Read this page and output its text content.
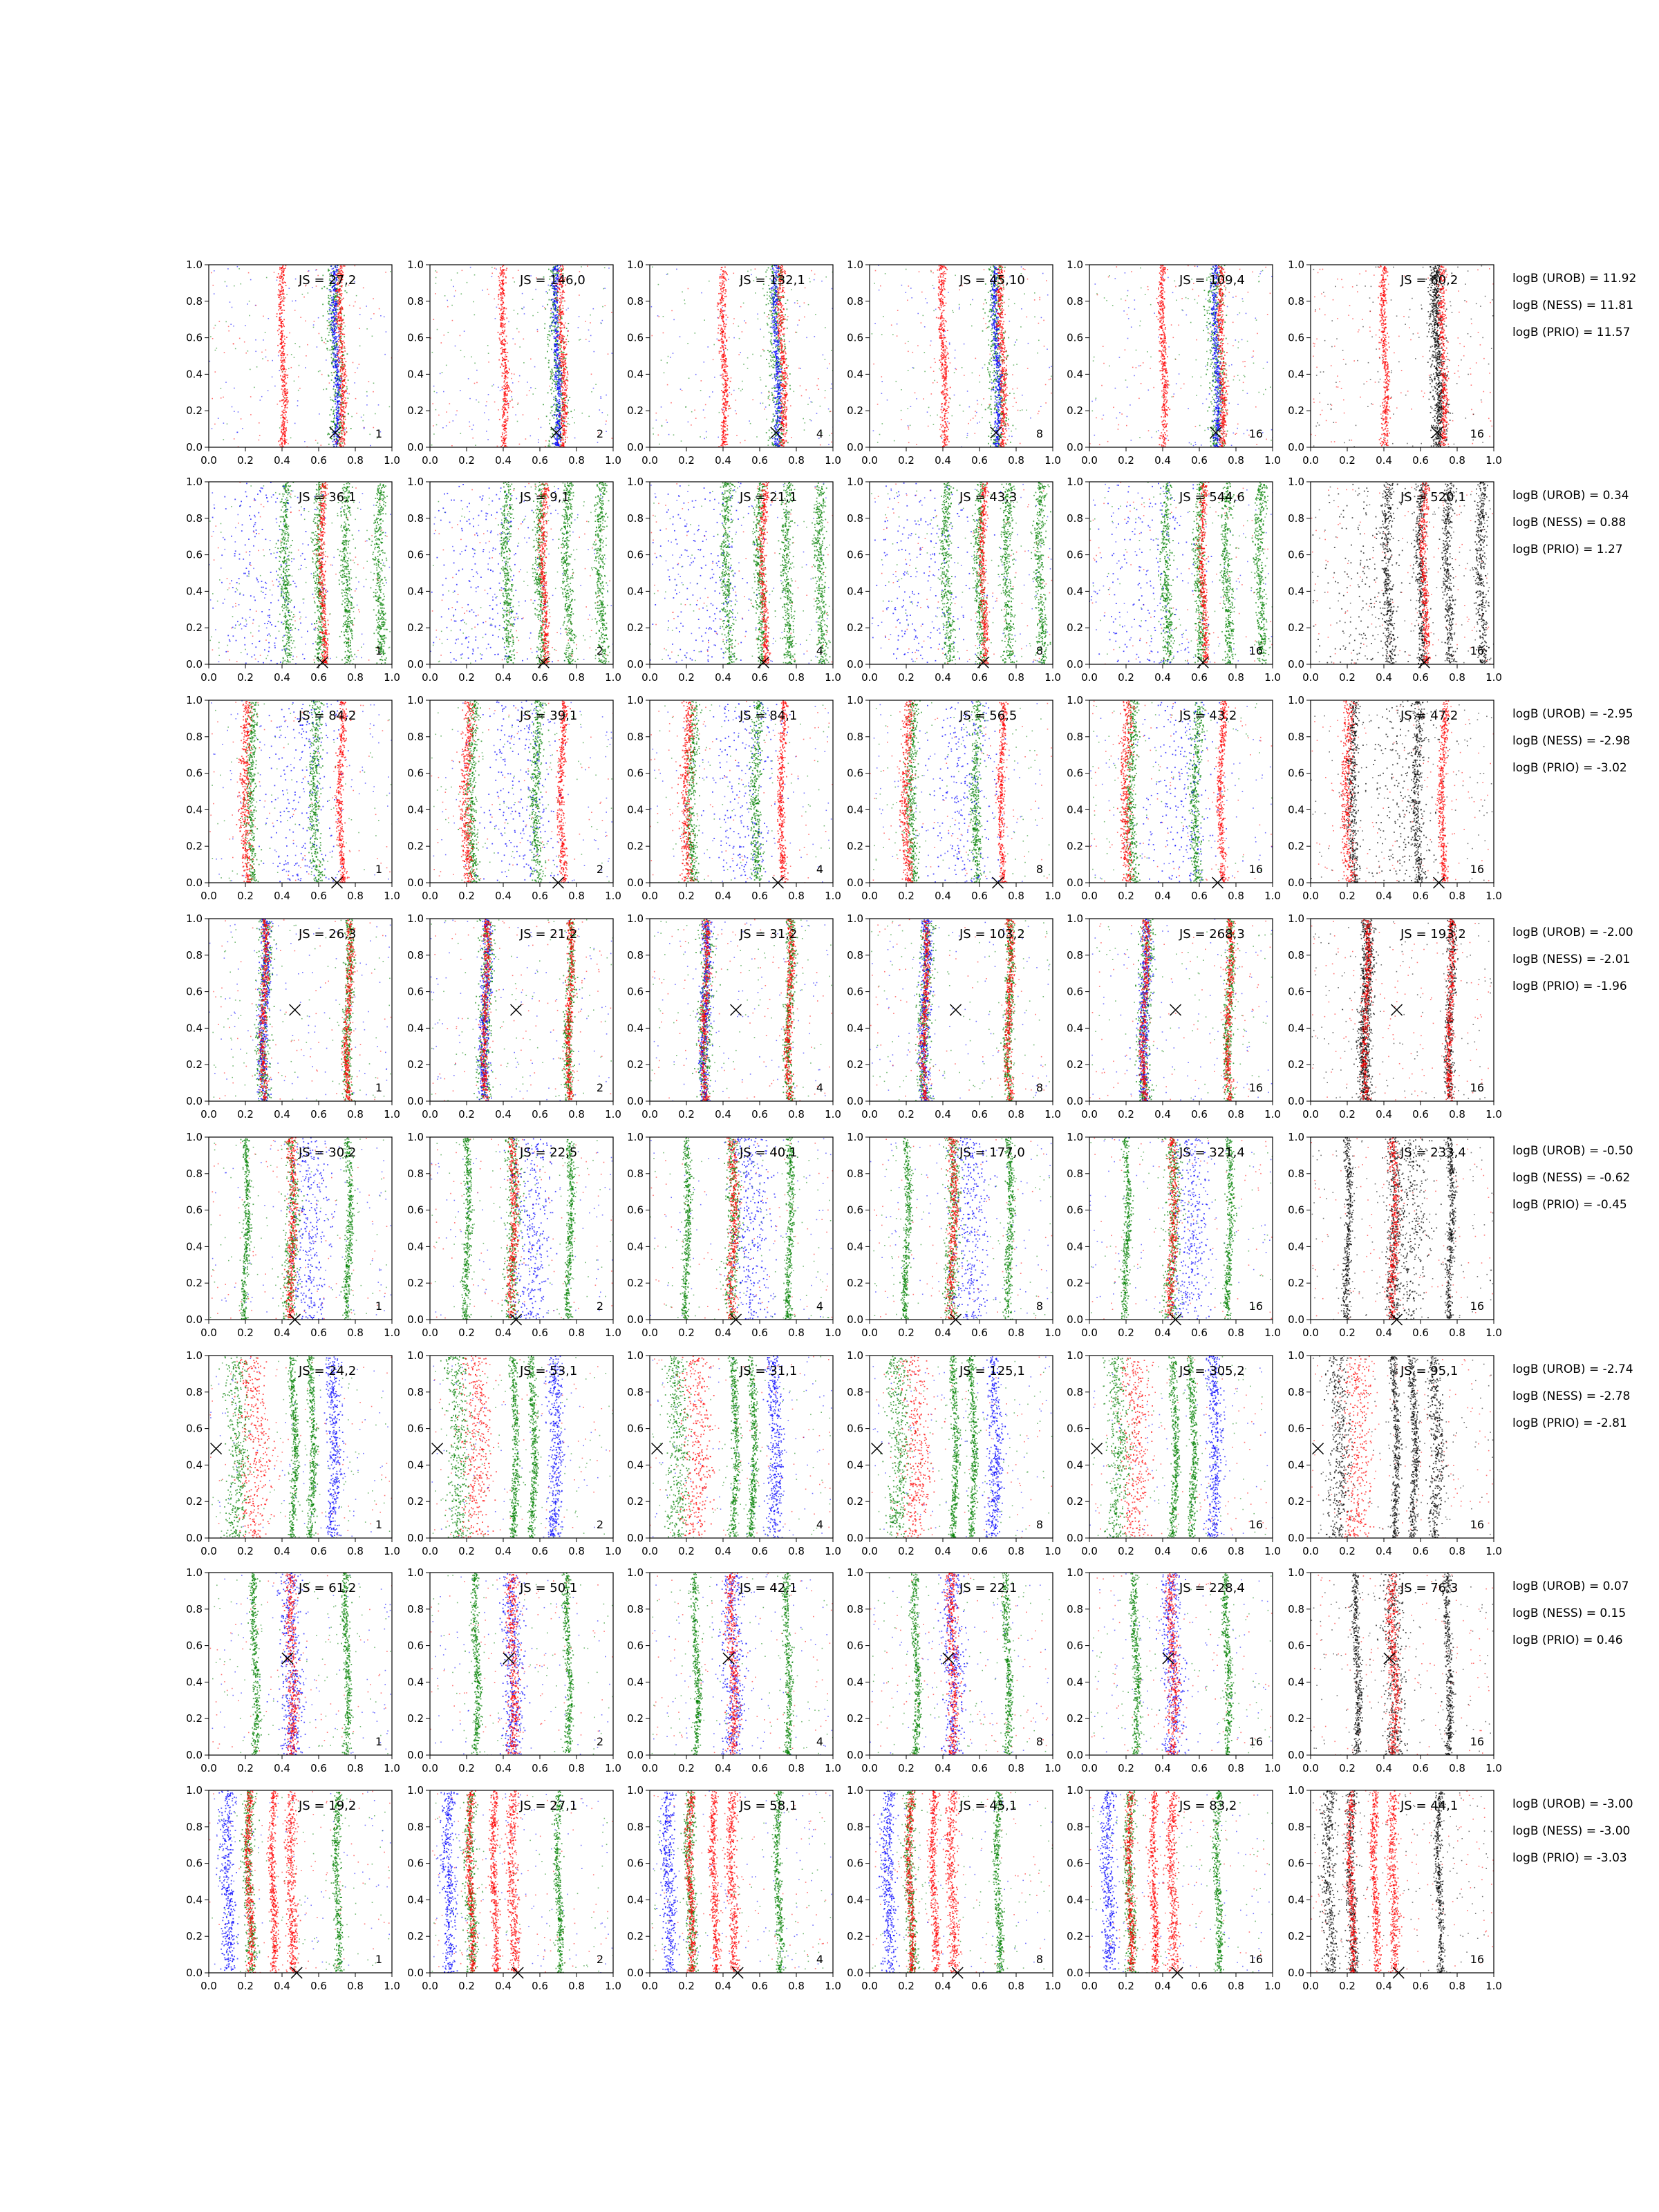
0.0
0.0
0.2
0.2
0.4
0.4
0.6
0.6
0.8
0.8
1.0
1.0
JS = 27,2
1
0.0
0.0
0.2
0.2
0.4
0.4
0.6
0.6
0.8
0.8
1.0
1.0
JS = 146,0
2
0.0
0.0
0.2
0.2
0.4
0.4
0.6
0.6
0.8
0.8
1.0
1.0
JS = 132,1
4
0.0
0.0
0.2
0.2
0.4
0.4
0.6
0.6
0.8
0.8
1.0
1.0
JS = 45,10
8
0.0
0.0
0.2
0.2
0.4
0.4
0.6
0.6
0.8
0.8
1.0
1.0
JS = 109,4
16
0.0
0.0
0.2
0.2
0.4
0.4
0.6
0.6
0.8
0.8
1.0
1.0
JS = 60,2
16
logB (UROB) = 11.92
logB (NESS) = 11.81
logB (PRIO) = 11.57
0.0
0.0
0.2
0.2
0.4
0.4
0.6
0.6
0.8
0.8
1.0
1.0
JS = 36,1
1
0.0
0.0
0.2
0.2
0.4
0.4
0.6
0.6
0.8
0.8
1.0
1.0
JS = 9,1
2
0.0
0.0
0.2
0.2
0.4
0.4
0.6
0.6
0.8
0.8
1.0
1.0
JS = 21,1
4
0.0
0.0
0.2
0.2
0.4
0.4
0.6
0.6
0.8
0.8
1.0
1.0
JS = 43,3
8
0.0
0.0
0.2
0.2
0.4
0.4
0.6
0.6
0.8
0.8
1.0
1.0
JS = 544,6
16
0.0
0.0
0.2
0.2
0.4
0.4
0.6
0.6
0.8
0.8
1.0
1.0
JS = 520,1
16
logB (UROB) = 0.34
logB (NESS) = 0.88
logB (PRIO) = 1.27
0.0
0.0
0.2
0.2
0.4
0.4
0.6
0.6
0.8
0.8
1.0
1.0
JS = 84,2
1
0.0
0.0
0.2
0.2
0.4
0.4
0.6
0.6
0.8
0.8
1.0
1.0
JS = 39,1
2
0.0
0.0
0.2
0.2
0.4
0.4
0.6
0.6
0.8
0.8
1.0
1.0
JS = 84,1
4
0.0
0.0
0.2
0.2
0.4
0.4
0.6
0.6
0.8
0.8
1.0
1.0
JS = 56,5
8
0.0
0.0
0.2
0.2
0.4
0.4
0.6
0.6
0.8
0.8
1.0
1.0
JS = 43,2
16
0.0
0.0
0.2
0.2
0.4
0.4
0.6
0.6
0.8
0.8
1.0
1.0
JS = 47,2
16
logB (UROB) = -2.95
logB (NESS) = -2.98
logB (PRIO) = -3.02
0.0
0.0
0.2
0.2
0.4
0.4
0.6
0.6
0.8
0.8
1.0
1.0
JS = 26,3
1
0.0
0.0
0.2
0.2
0.4
0.4
0.6
0.6
0.8
0.8
1.0
1.0
JS = 21,2
2
0.0
0.0
0.2
0.2
0.4
0.4
0.6
0.6
0.8
0.8
1.0
1.0
JS = 31,2
4
0.0
0.0
0.2
0.2
0.4
0.4
0.6
0.6
0.8
0.8
1.0
1.0
JS = 103,2
8
0.0
0.0
0.2
0.2
0.4
0.4
0.6
0.6
0.8
0.8
1.0
1.0
JS = 268,3
16
0.0
0.0
0.2
0.2
0.4
0.4
0.6
0.6
0.8
0.8
1.0
1.0
JS = 193,2
16
logB (UROB) = -2.00
logB (NESS) = -2.01
logB (PRIO) = -1.96
0.0
0.0
0.2
0.2
0.4
0.4
0.6
0.6
0.8
0.8
1.0
1.0
JS = 30,2
1
0.0
0.0
0.2
0.2
0.4
0.4
0.6
0.6
0.8
0.8
1.0
1.0
JS = 22,5
2
0.0
0.0
0.2
0.2
0.4
0.4
0.6
0.6
0.8
0.8
1.0
1.0
JS = 40,1
4
0.0
0.0
0.2
0.2
0.4
0.4
0.6
0.6
0.8
0.8
1.0
1.0
JS = 177,0
8
0.0
0.0
0.2
0.2
0.4
0.4
0.6
0.6
0.8
0.8
1.0
1.0
JS = 321,4
16
0.0
0.0
0.2
0.2
0.4
0.4
0.6
0.6
0.8
0.8
1.0
1.0
JS = 233,4
16
logB (UROB) = -0.50
logB (NESS) = -0.62
logB (PRIO) = -0.45
0.0
0.0
0.2
0.2
0.4
0.4
0.6
0.6
0.8
0.8
1.0
1.0
JS = 24,2
1
0.0
0.0
0.2
0.2
0.4
0.4
0.6
0.6
0.8
0.8
1.0
1.0
JS = 53,1
2
0.0
0.0
0.2
0.2
0.4
0.4
0.6
0.6
0.8
0.8
1.0
1.0
JS = 31,1
4
0.0
0.0
0.2
0.2
0.4
0.4
0.6
0.6
0.8
0.8
1.0
1.0
JS = 125,1
8
0.0
0.0
0.2
0.2
0.4
0.4
0.6
0.6
0.8
0.8
1.0
1.0
JS = 305,2
16
0.0
0.0
0.2
0.2
0.4
0.4
0.6
0.6
0.8
0.8
1.0
1.0
JS = 95,1
16
logB (UROB) = -2.74
logB (NESS) = -2.78
logB (PRIO) = -2.81
0.0
0.0
0.2
0.2
0.4
0.4
0.6
0.6
0.8
0.8
1.0
1.0
JS = 61,2
1
0.0
0.0
0.2
0.2
0.4
0.4
0.6
0.6
0.8
0.8
1.0
1.0
JS = 50,1
2
0.0
0.0
0.2
0.2
0.4
0.4
0.6
0.6
0.8
0.8
1.0
1.0
JS = 42,1
4
0.0
0.0
0.2
0.2
0.4
0.4
0.6
0.6
0.8
0.8
1.0
1.0
JS = 22,1
8
0.0
0.0
0.2
0.2
0.4
0.4
0.6
0.6
0.8
0.8
1.0
1.0
JS = 228,4
16
0.0
0.0
0.2
0.2
0.4
0.4
0.6
0.6
0.8
0.8
1.0
1.0
JS = 76,3
16
logB (UROB) = 0.07
logB (NESS) = 0.15
logB (PRIO) = 0.46
0.0
0.0
0.2
0.2
0.4
0.4
0.6
0.6
0.8
0.8
1.0
1.0
JS = 19,2
1
0.0
0.0
0.2
0.2
0.4
0.4
0.6
0.6
0.8
0.8
1.0
1.0
JS = 27,1
2
0.0
0.0
0.2
0.2
0.4
0.4
0.6
0.6
0.8
0.8
1.0
1.0
JS = 58,1
4
0.0
0.0
0.2
0.2
0.4
0.4
0.6
0.6
0.8
0.8
1.0
1.0
JS = 45,1
8
0.0
0.0
0.2
0.2
0.4
0.4
0.6
0.6
0.8
0.8
1.0
1.0
JS = 83,2
16
0.0
0.0
0.2
0.2
0.4
0.4
0.6
0.6
0.8
0.8
1.0
1.0
JS = 44,1
16
logB (UROB) = -3.00
logB (NESS) = -3.00
logB (PRIO) = -3.03
